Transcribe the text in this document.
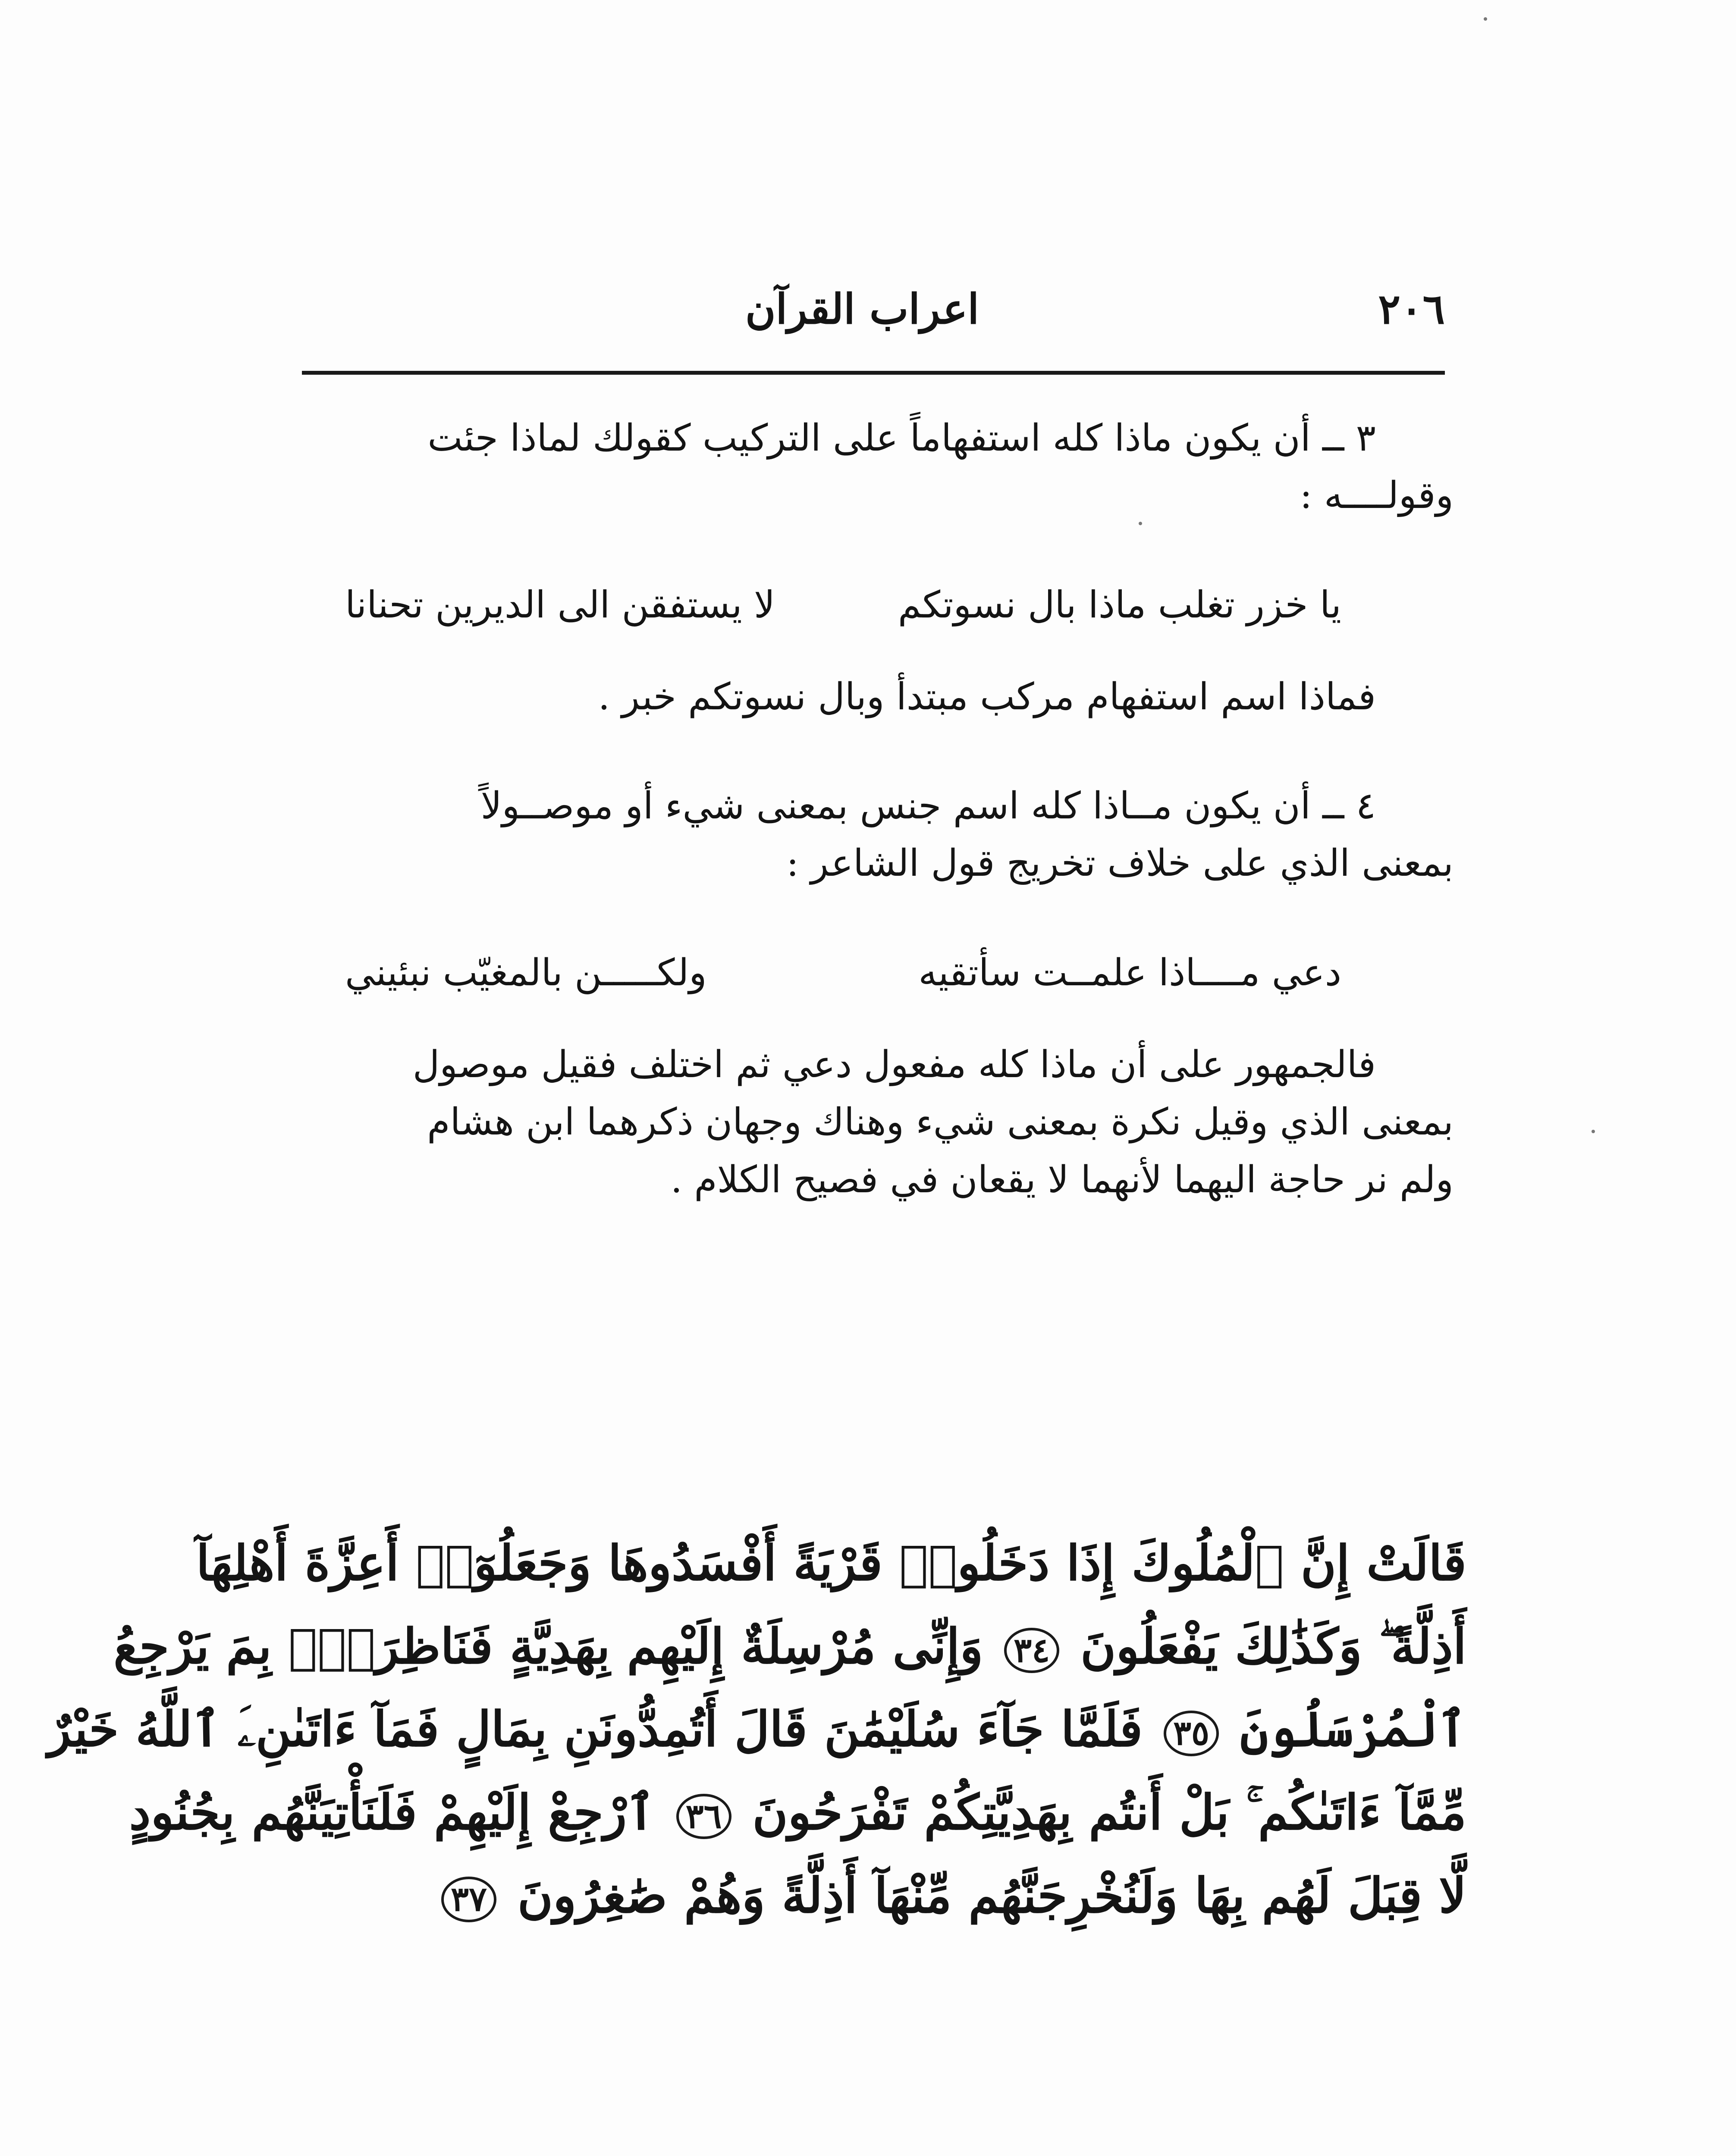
٢٠٦
اعراب القرآن

٣ ــ أن يكون ماذا كله استفهاماً على التركيب كقولك لماذا جئت

وقولــــه :

يا خزر تغلب ماذا بال نسوتكم
لا يستفقن الى الديرين تحنانا

فماذا اسم استفهام مركب مبتدأ وبال نسوتكم خبر .

٤ ــ أن يكون مــاذا كله اسم جنس بمعنى شيء أو موصــولاً

بمعنى الذي على خلاف تخريج قول الشاعر :

دعي مــــاذا علمــت سأتقيه
ولكـــــن بالمغيّب نبئيني

فالجمهور على أن ماذا كله مفعول دعي ثم اختلف فقيل موصول

بمعنى الذي وقيل نكرة بمعنى شيء وهناك وجهان ذكرهما ابن هشام

ولم نر حاجة اليهما لأنهما لا يقعان في فصيح الكلام .

قَالَتْ إِنَّ ٱلْمُلُوكَ إِذَا دَخَلُوا۟ قَرْيَةً أَفْسَدُوهَا وَجَعَلُوٓا۟ أَعِزَّةَ أَهْلِهَآ
أَذِلَّةً ۖ وَكَذَٰلِكَ يَفْعَلُونَ ٣٤ وَإِنِّى مُرْسِلَةٌ إِلَيْهِم بِهَدِيَّةٍ فَنَاظِرَةٌۢ بِمَ يَرْجِعُ
ٱلْمُرْسَلُونَ ٣٥ فَلَمَّا جَآءَ سُلَيْمَٰنَ قَالَ أَتُمِدُّونَنِ بِمَالٍ فَمَآ ءَاتَىٰنِۦَ ٱللَّهُ خَيْرٌ
مِّمَّآ ءَاتَىٰكُم ۚ بَلْ أَنتُم بِهَدِيَّتِكُمْ تَفْرَحُونَ ٣٦ ٱرْجِعْ إِلَيْهِمْ فَلَنَأْتِيَنَّهُم بِجُنُودٍ
لَّا قِبَلَ لَهُم بِهَا وَلَنُخْرِجَنَّهُم مِّنْهَآ أَذِلَّةً وَهُمْ صَٰغِرُونَ ٣٧
